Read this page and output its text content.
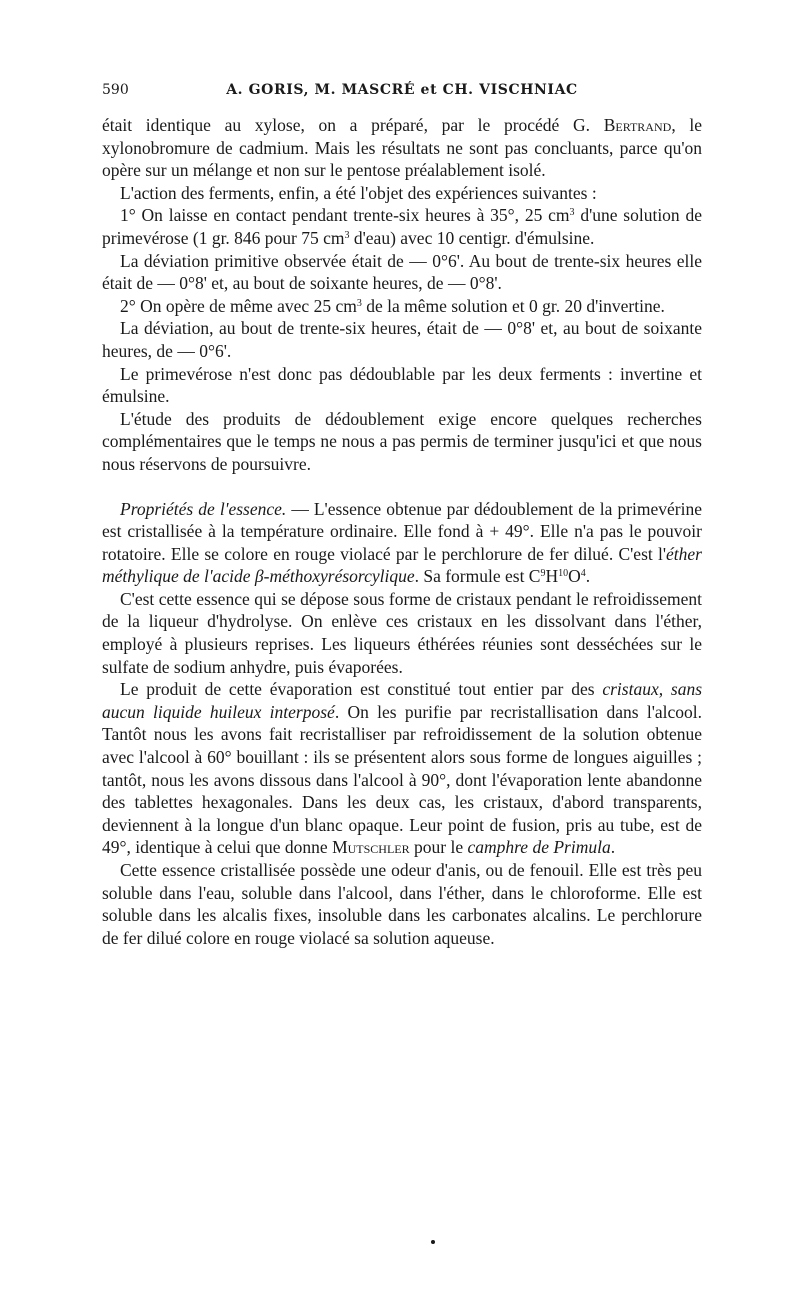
590	A. GORIS, M. MASCRÉ et CH. VISCHNIAC

était identique au xylose, on a préparé, par le procédé G. Bertrand, le xylonobromure de cadmium. Mais les résultats ne sont pas concluants, parce qu'on opère sur un mélange et non sur le pentose préalablement isolé.

L'action des ferments, enfin, a été l'objet des expériences suivantes :

1° On laisse en contact pendant trente-six heures à 35°, 25 $cm^3$ d'une solution de primevérose (1 gr. 846 pour 75 $cm^3$ d'eau) avec 10 centigr. d'émulsine.

La déviation primitive observée était de — 0°6'. Au bout de trente-six heures elle était de — 0°8' et, au bout de soixante heures, de — 0°8'.

2° On opère de même avec 25 $cm^3$ de la même solution et 0 gr. 20 d'invertine.

La déviation, au bout de trente-six heures, était de — 0°8' et, au bout de soixante heures, de — 0°6'.

Le primevérose n'est donc pas dédoublable par les deux ferments : invertine et émulsine.

L'étude des produits de dédoublement exige encore quelques recherches complémentaires que le temps ne nous a pas permis de terminer jusqu'ici et que nous nous réservons de poursuivre.

Propriétés de l'essence. — L'essence obtenue par dédoublement de la primevérine est cristallisée à la température ordinaire. Elle fond à + 49°. Elle n'a pas le pouvoir rotatoire. Elle se colore en rouge violacé par le perchlorure de fer dilué. C'est l'éther méthylique de l'acide β-méthoxyrésorcylique. Sa formule est $C^9H^{10}O^4$.

C'est cette essence qui se dépose sous forme de cristaux pendant le refroidissement de la liqueur d'hydrolyse. On enlève ces cristaux en les dissolvant dans l'éther, employé à plusieurs reprises. Les liqueurs éthérées réunies sont desséchées sur le sulfate de sodium anhydre, puis évaporées.

Le produit de cette évaporation est constitué tout entier par des cristaux, sans aucun liquide huileux interposé. On les purifie par recristallisation dans l'alcool. Tantôt nous les avons fait recristalliser par refroidissement de la solution obtenue avec l'alcool à 60° bouillant : ils se présentent alors sous forme de longues aiguilles ; tantôt, nous les avons dissous dans l'alcool à 90°, dont l'évaporation lente abandonne des tablettes hexagonales. Dans les deux cas, les cristaux, d'abord transparents, deviennent à la longue d'un blanc opaque. Leur point de fusion, pris au tube, est de 49°, identique à celui que donne Mutschler pour le camphre de Primula.

Cette essence cristallisée possède une odeur d'anis, ou de fenouil. Elle est très peu soluble dans l'eau, soluble dans l'alcool, dans l'éther, dans le chloroforme. Elle est soluble dans les alcalis fixes, insoluble dans les carbonates alcalins. Le perchlorure de fer dilué colore en rouge violacé sa solution aqueuse.
